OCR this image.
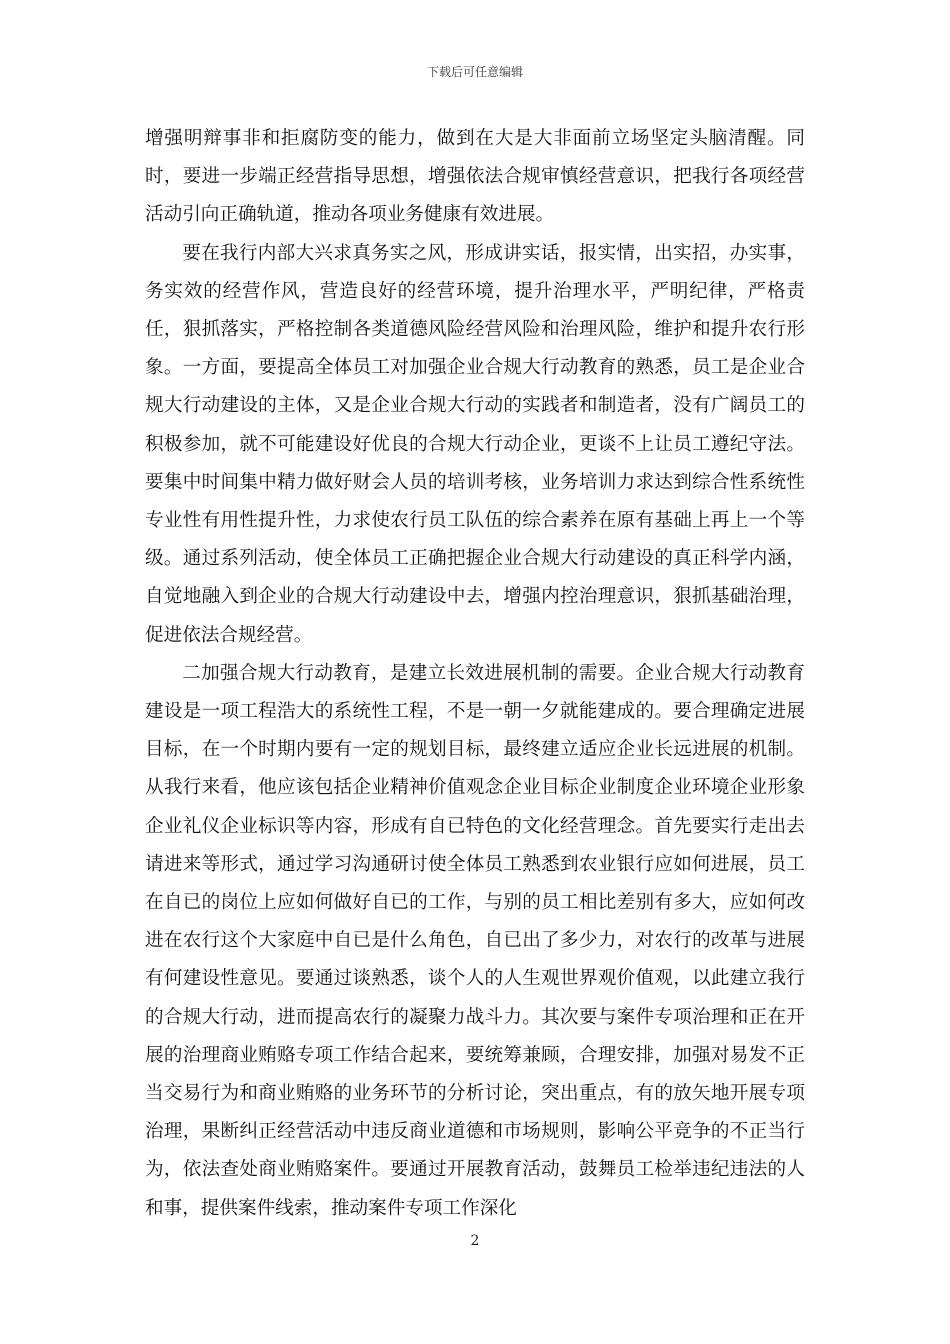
下载后可任意编辑

增强明辩事非和拒腐防变的能力，做到在大是大非面前立场坚定头脑清醒。同时，要进一步端正经营指导思想，增强依法合规审慎经营意识，把我行各项经营活动引向正确轨道，推动各项业务健康有效进展。

要在我行内部大兴求真务实之风，形成讲实话，报实情，出实招，办实事，务实效的经营作风，营造良好的经营环境，提升治理水平，严明纪律，严格责任，狠抓落实，严格控制各类道德风险经营风险和治理风险，维护和提升农行形象。一方面，要提高全体员工对加强企业合规大行动教育的熟悉，员工是企业合规大行动建设的主体，又是企业合规大行动的实践者和制造者，没有广阔员工的积极参加，就不可能建设好优良的合规大行动企业，更谈不上让员工遵纪守法。要集中时间集中精力做好财会人员的培训考核，业务培训力求达到综合性系统性专业性有用性提升性，力求使农行员工队伍的综合素养在原有基础上再上一个等级。通过系列活动，使全体员工正确把握企业合规大行动建设的真正科学内涵，自觉地融入到企业的合规大行动建设中去，增强内控治理意识，狠抓基础治理，促进依法合规经营。

二加强合规大行动教育，是建立长效进展机制的需要。企业合规大行动教育建设是一项工程浩大的系统性工程，不是一朝一夕就能建成的。要合理确定进展目标，在一个时期内要有一定的规划目标，最终建立适应企业长远进展的机制。从我行来看，他应该包括企业精神价值观念企业目标企业制度企业环境企业形象企业礼仪企业标识等内容，形成有自已特色的文化经营理念。首先要实行走出去请进来等形式，通过学习沟通研讨使全体员工熟悉到农业银行应如何进展，员工在自已的岗位上应如何做好自已的工作，与别的员工相比差别有多大，应如何改进在农行这个大家庭中自已是什么角色，自已出了多少力，对农行的改革与进展有何建设性意见。要通过谈熟悉，谈个人的人生观世界观价值观，以此建立我行的合规大行动，进而提高农行的凝聚力战斗力。其次要与案件专项治理和正在开展的治理商业贿赂专项工作结合起来，要统筹兼顾，合理安排，加强对易发不正当交易行为和商业贿赂的业务环节的分析讨论，突出重点，有的放矢地开展专项治理，果断纠正经营活动中违反商业道德和市场规则，影响公平竞争的不正当行为，依法查处商业贿赂案件。要通过开展教育活动，鼓舞员工检举违纪违法的人和事，提供案件线索，推动案件专项工作深化

2
